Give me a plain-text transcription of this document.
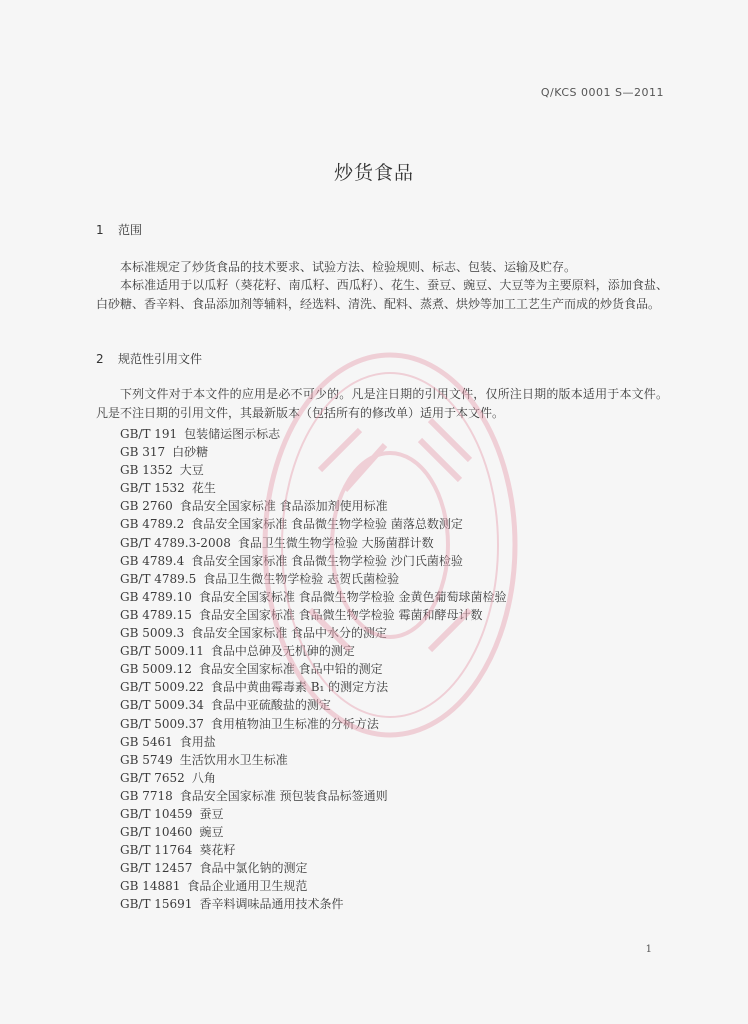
Q/KCS 0001 S—2011
炒货食品
1 范围

本标准规定了炒货食品的技术要求、试验方法、检验规则、标志、包装、运输及贮存。

本标准适用于以瓜籽（葵花籽、南瓜籽、西瓜籽）、花生、蚕豆、豌豆、大豆等为主要原料，添加食盐、白砂糖、香辛料、食品添加剂等辅料，经选料、清洗、配料、蒸煮、烘炒等加工工艺生产而成的炒货食品。

2 规范性引用文件

下列文件对于本文件的应用是必不可少的。凡是注日期的引用文件，仅所注日期的版本适用于本文件。凡是不注日期的引用文件，其最新版本（包括所有的修改单）适用于本文件。

GB/T 191 包装储运图示标志
GB 317 白砂糖
GB 1352 大豆
GB/T 1532 花生
GB 2760 食品安全国家标准 食品添加剂使用标准
GB 4789.2 食品安全国家标准 食品微生物学检验 菌落总数测定
GB/T 4789.3-2008 食品卫生微生物学检验 大肠菌群计数
GB 4789.4 食品安全国家标准 食品微生物学检验 沙门氏菌检验
GB/T 4789.5 食品卫生微生物学检验 志贺氏菌检验
GB 4789.10 食品安全国家标准 食品微生物学检验 金黄色葡萄球菌检验
GB 4789.15 食品安全国家标准 食品微生物学检验 霉菌和酵母计数
GB 5009.3 食品安全国家标准 食品中水分的测定
GB/T 5009.11 食品中总砷及无机砷的测定
GB 5009.12 食品安全国家标准 食品中铅的测定
GB/T 5009.22 食品中黄曲霉毒素 B₁ 的测定方法
GB/T 5009.34 食品中亚硫酸盐的测定
GB/T 5009.37 食用植物油卫生标准的分析方法
GB 5461 食用盐
GB 5749 生活饮用水卫生标准
GB/T 7652 八角
GB 7718 食品安全国家标准 预包装食品标签通则
GB/T 10459 蚕豆
GB/T 10460 豌豆
GB/T 11764 葵花籽
GB/T 12457 食品中氯化钠的测定
GB 14881 食品企业通用卫生规范
GB/T 15691 香辛料调味品通用技术条件
1
